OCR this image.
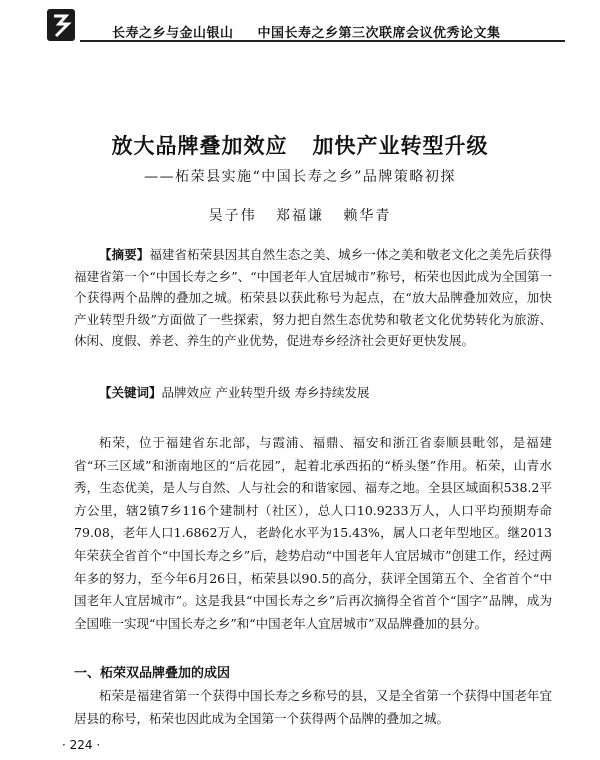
长寿之乡与金山银山 中国长寿之乡第三次联席会议优秀论文集
放大品牌叠加效应   加快产业转型升级
——柘荣县实施“中国长寿之乡”品牌策略初探
吴子伟   郑福谦   赖华青

【摘要】福建省柘荣县因其自然生态之美、城乡一体之美和敬老文化之美先后获得福建省第一个“中国长寿之乡”、“中国老年人宜居城市”称号，柘荣也因此成为全国第一个获得两个品牌的叠加之城。柘荣县以获此称号为起点，在“放大品牌叠加效应，加快产业转型升级”方面做了一些探索，努力把自然生态优势和敬老文化优势转化为旅游、休闲、度假、养老、养生的产业优势，促进寿乡经济社会更好更快发展。

【关键词】品牌效应 产业转型升级 寿乡持续发展

柘荣，位于福建省东北部，与霞浦、福鼎、福安和浙江省泰顺县毗邻，是福建省“环三区域”和浙南地区的“后花园”，起着北承西拓的“桥头堡”作用。柘荣，山青水秀，生态优美，是人与自然、人与社会的和谐家园、福寿之地。全县区域面积538.2平方公里，辖2镇7乡116个建制村（社区），总人口10.9233万人，人口平均预期寿命79.08，老年人口1.6862万人，老龄化水平为15.43%，属人口老年型地区。继2013年荣获全省首个“中国长寿之乡”后，趁势启动“中国老年人宜居城市”创建工作，经过两年多的努力，至今年6月26日，柘荣县以90.5的高分，获评全国第五个、全省首个“中国老年人宜居城市”。这是我县“中国长寿之乡”后再次摘得全省首个“国字”品牌，成为全国唯一实现“中国长寿之乡”和“中国老年人宜居城市”双品牌叠加的县分。

一、柘荣双品牌叠加的成因

柘荣是福建省第一个获得中国长寿之乡称号的县，又是全省第一个获得中国老年宜居县的称号，柘荣也因此成为全国第一个获得两个品牌的叠加之城。

· 224 ·
